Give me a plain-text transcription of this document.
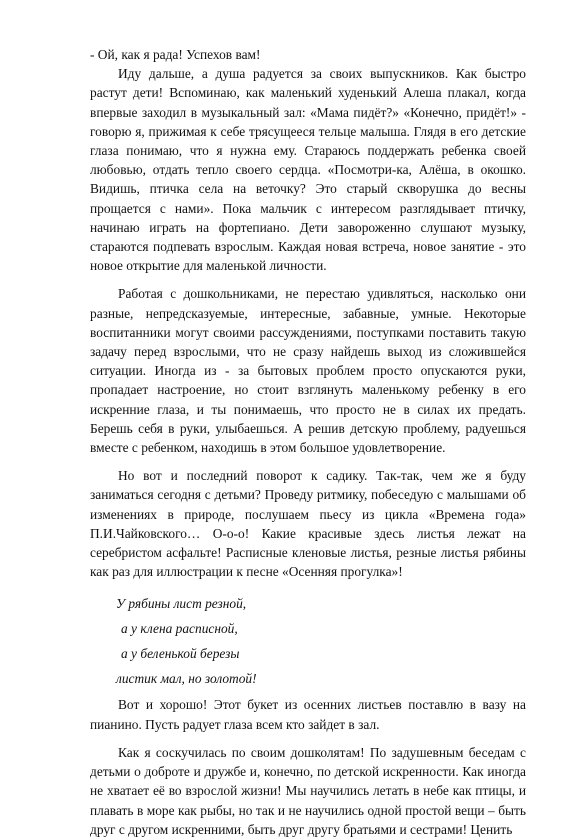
- Ой, как я рада! Успехов вам!

Иду дальше, а душа радуется за своих выпускников. Как быстро растут дети! Вспоминаю, как маленький худенький Алеша плакал, когда впервые заходил в музыкальный зал: «Мама пидёт?» «Конечно, придёт!» - говорю я, прижимая к себе трясущееся тельце малыша. Глядя в его детские глаза понимаю, что я нужна ему. Стараюсь поддержать ребенка своей любовью, отдать тепло своего сердца. «Посмотри-ка, Алёша, в окошко. Видишь, птичка села на веточку? Это старый скворушка до весны прощается с нами». Пока мальчик с интересом разглядывает птичку, начинаю играть на фортепиано. Дети завороженно слушают музыку, стараются подпевать взрослым. Каждая новая встреча, новое занятие - это новое открытие для маленькой личности.

Работая с дошкольниками, не перестаю удивляться, насколько они разные, непредсказуемые, интересные, забавные, умные. Некоторые воспитанники могут своими рассуждениями, поступками поставить такую задачу перед взрослыми, что не сразу найдешь выход из сложившейся ситуации. Иногда из - за бытовых проблем просто опускаются руки, пропадает настроение, но стоит взглянуть маленькому ребенку в его искренние глаза, и ты понимаешь, что просто не в силах их предать. Берешь себя в руки, улыбаешься. А решив детскую проблему, радуешься вместе с ребенком, находишь в этом большое удовлетворение.

Но вот и последний поворот к садику. Так-так, чем же я буду заниматься сегодня с детьми? Проведу ритмику, побеседую с малышами об изменениях в природе, послушаем пьесу из цикла «Времена года» П.И.Чайковского… О-о-о! Какие красивые здесь листья лежат на серебристом асфальте! Расписные кленовые листья, резные листья рябины как раз для иллюстрации к песне «Осенняя прогулка»!

У рябины лист резной,

а у клена расписной,

а у беленькой березы

листик мал, но золотой!

Вот и хорошо! Этот букет из осенних листьев поставлю в вазу на пианино. Пусть радует глаза всем кто зайдет в зал.

Как я соскучилась по своим дошколятам! По задушевным беседам с детьми о доброте и дружбе и, конечно, по детской искренности. Как иногда не хватает её во взрослой жизни! Мы научились летать в небе как птицы, и плавать в море как рыбы, но так и не научились одной простой вещи – быть друг с другом искренними, быть друг другу братьями и сестрами! Ценить
